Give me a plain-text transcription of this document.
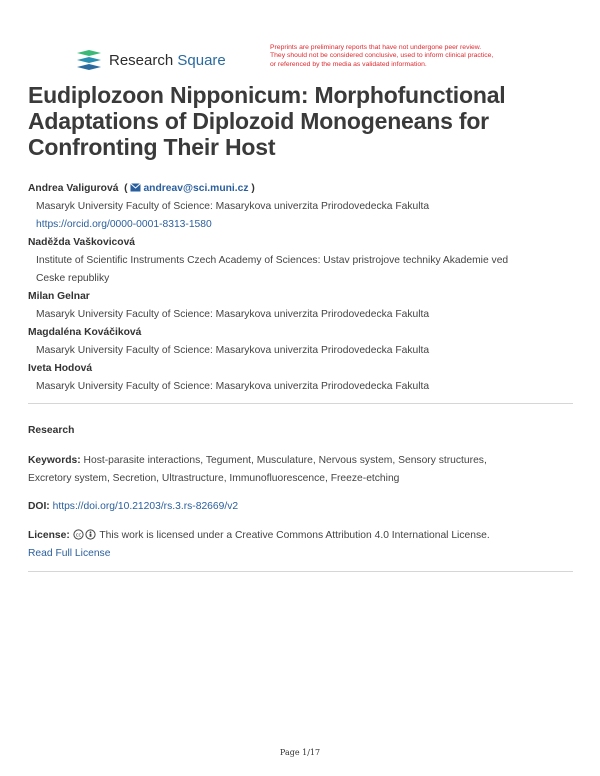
Research Square
Preprints are preliminary reports that have not undergone peer review.
They should not be considered conclusive, used to inform clinical practice,
or referenced by the media as validated information.
Eudiplozoon Nipponicum: Morphofunctional
Adaptations of Diplozoid Monogeneans for
Confronting Their Host
Andrea Valigurová  ( andreav@sci.muni.cz )
Masaryk University Faculty of Science: Masarykova univerzita Prirodovedecka Fakulta
https://orcid.org/0000-0001-8313-1580
Naděžda Vaškovicová
Institute of Scientific Instruments Czech Academy of Sciences: Ustav pristrojove techniky Akademie ved
Ceske republiky
Milan Gelnar
Masaryk University Faculty of Science: Masarykova univerzita Prirodovedecka Fakulta
Magdaléna Kováčiková
Masaryk University Faculty of Science: Masarykova univerzita Prirodovedecka Fakulta
Iveta Hodová
Masaryk University Faculty of Science: Masarykova univerzita Prirodovedecka Fakulta
Research
Keywords: Host-parasite interactions, Tegument, Musculature, Nervous system, Sensory structures,
Excretory system, Secretion, Ultrastructure, Immunofluorescence, Freeze-etching
DOI: https://doi.org/10.21203/rs.3.rs-82669/v2
License: cc This work is licensed under a Creative Commons Attribution 4.0 International License.
Read Full License
Page 1/17
